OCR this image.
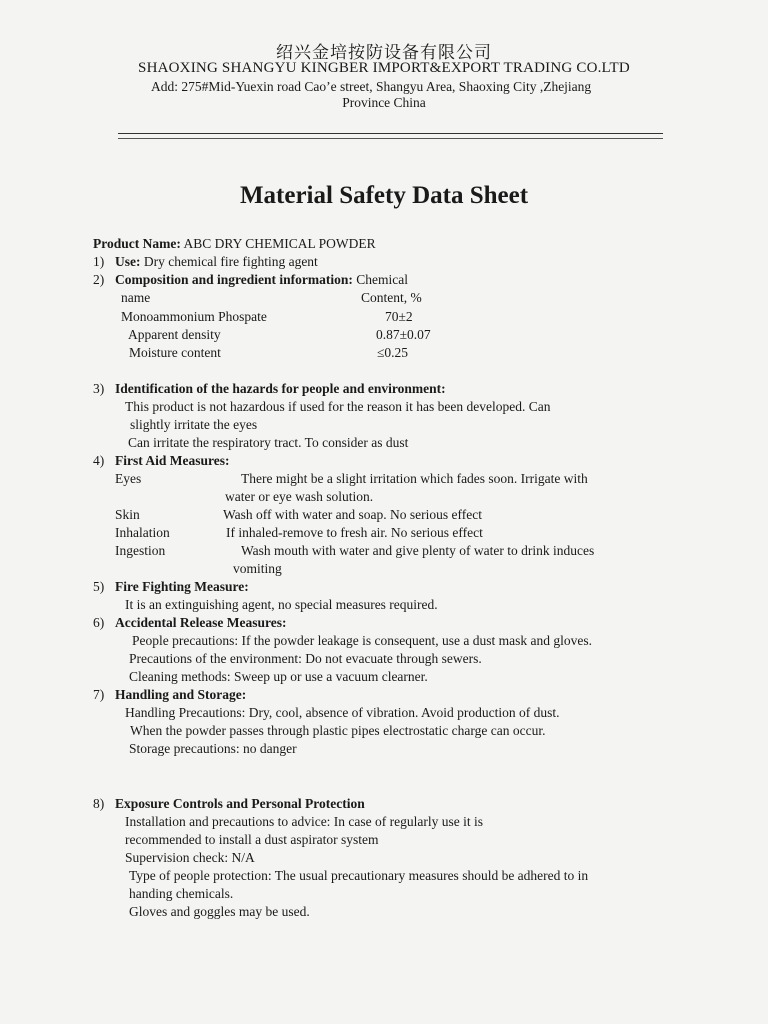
绍兴金培按防设备有限公司
SHAOXING SHANGYU KINGBER IMPORT&EXPORT TRADING CO.LTD
Add: 275#Mid-Yuexin road Cao’e street, Shangyu Area, Shaoxing City ,Zhejiang
Province China
Material Safety Data Sheet
Product Name: ABC DRY CHEMICAL POWDER
1) Use: Dry chemical fire fighting agent
2) Composition and ingredient information: Chemical
name	Content, %
Monoammonium Phospate	70±2
Apparent density	0.87±0.07
Moisture content	≤0.25
3) Identification of the hazards for people and environment:
This product is not hazardous if used for the reason it has been developed. Can
slightly irritate the eyes
Can irritate the respiratory tract. To consider as dust
4) First Aid Measures:
Eyes	There might be a slight irritation which fades soon. Irrigate with
water or eye wash solution.
Skin	Wash off with water and soap. No serious effect
Inhalation	If inhaled-remove to fresh air. No serious effect
Ingestion	Wash mouth with water and give plenty of water to drink induces
vomiting
5) Fire Fighting Measure:
It is an extinguishing agent, no special measures required.
6) Accidental Release Measures:
People precautions: If the powder leakage is consequent, use a dust mask and gloves.
Precautions of the environment: Do not evacuate through sewers.
Cleaning methods: Sweep up or use a vacuum clearner.
7) Handling and Storage:
Handling Precautions: Dry, cool, absence of vibration. Avoid production of dust.
When the powder passes through plastic pipes electrostatic charge can occur.
Storage precautions: no danger
8) Exposure Controls and Personal Protection
Installation and precautions to advice: In case of regularly use it is
recommended to install a dust aspirator system
Supervision check: N/A
Type of people protection: The usual precautionary measures should be adhered to in
handing chemicals.
Gloves and goggles may be used.
